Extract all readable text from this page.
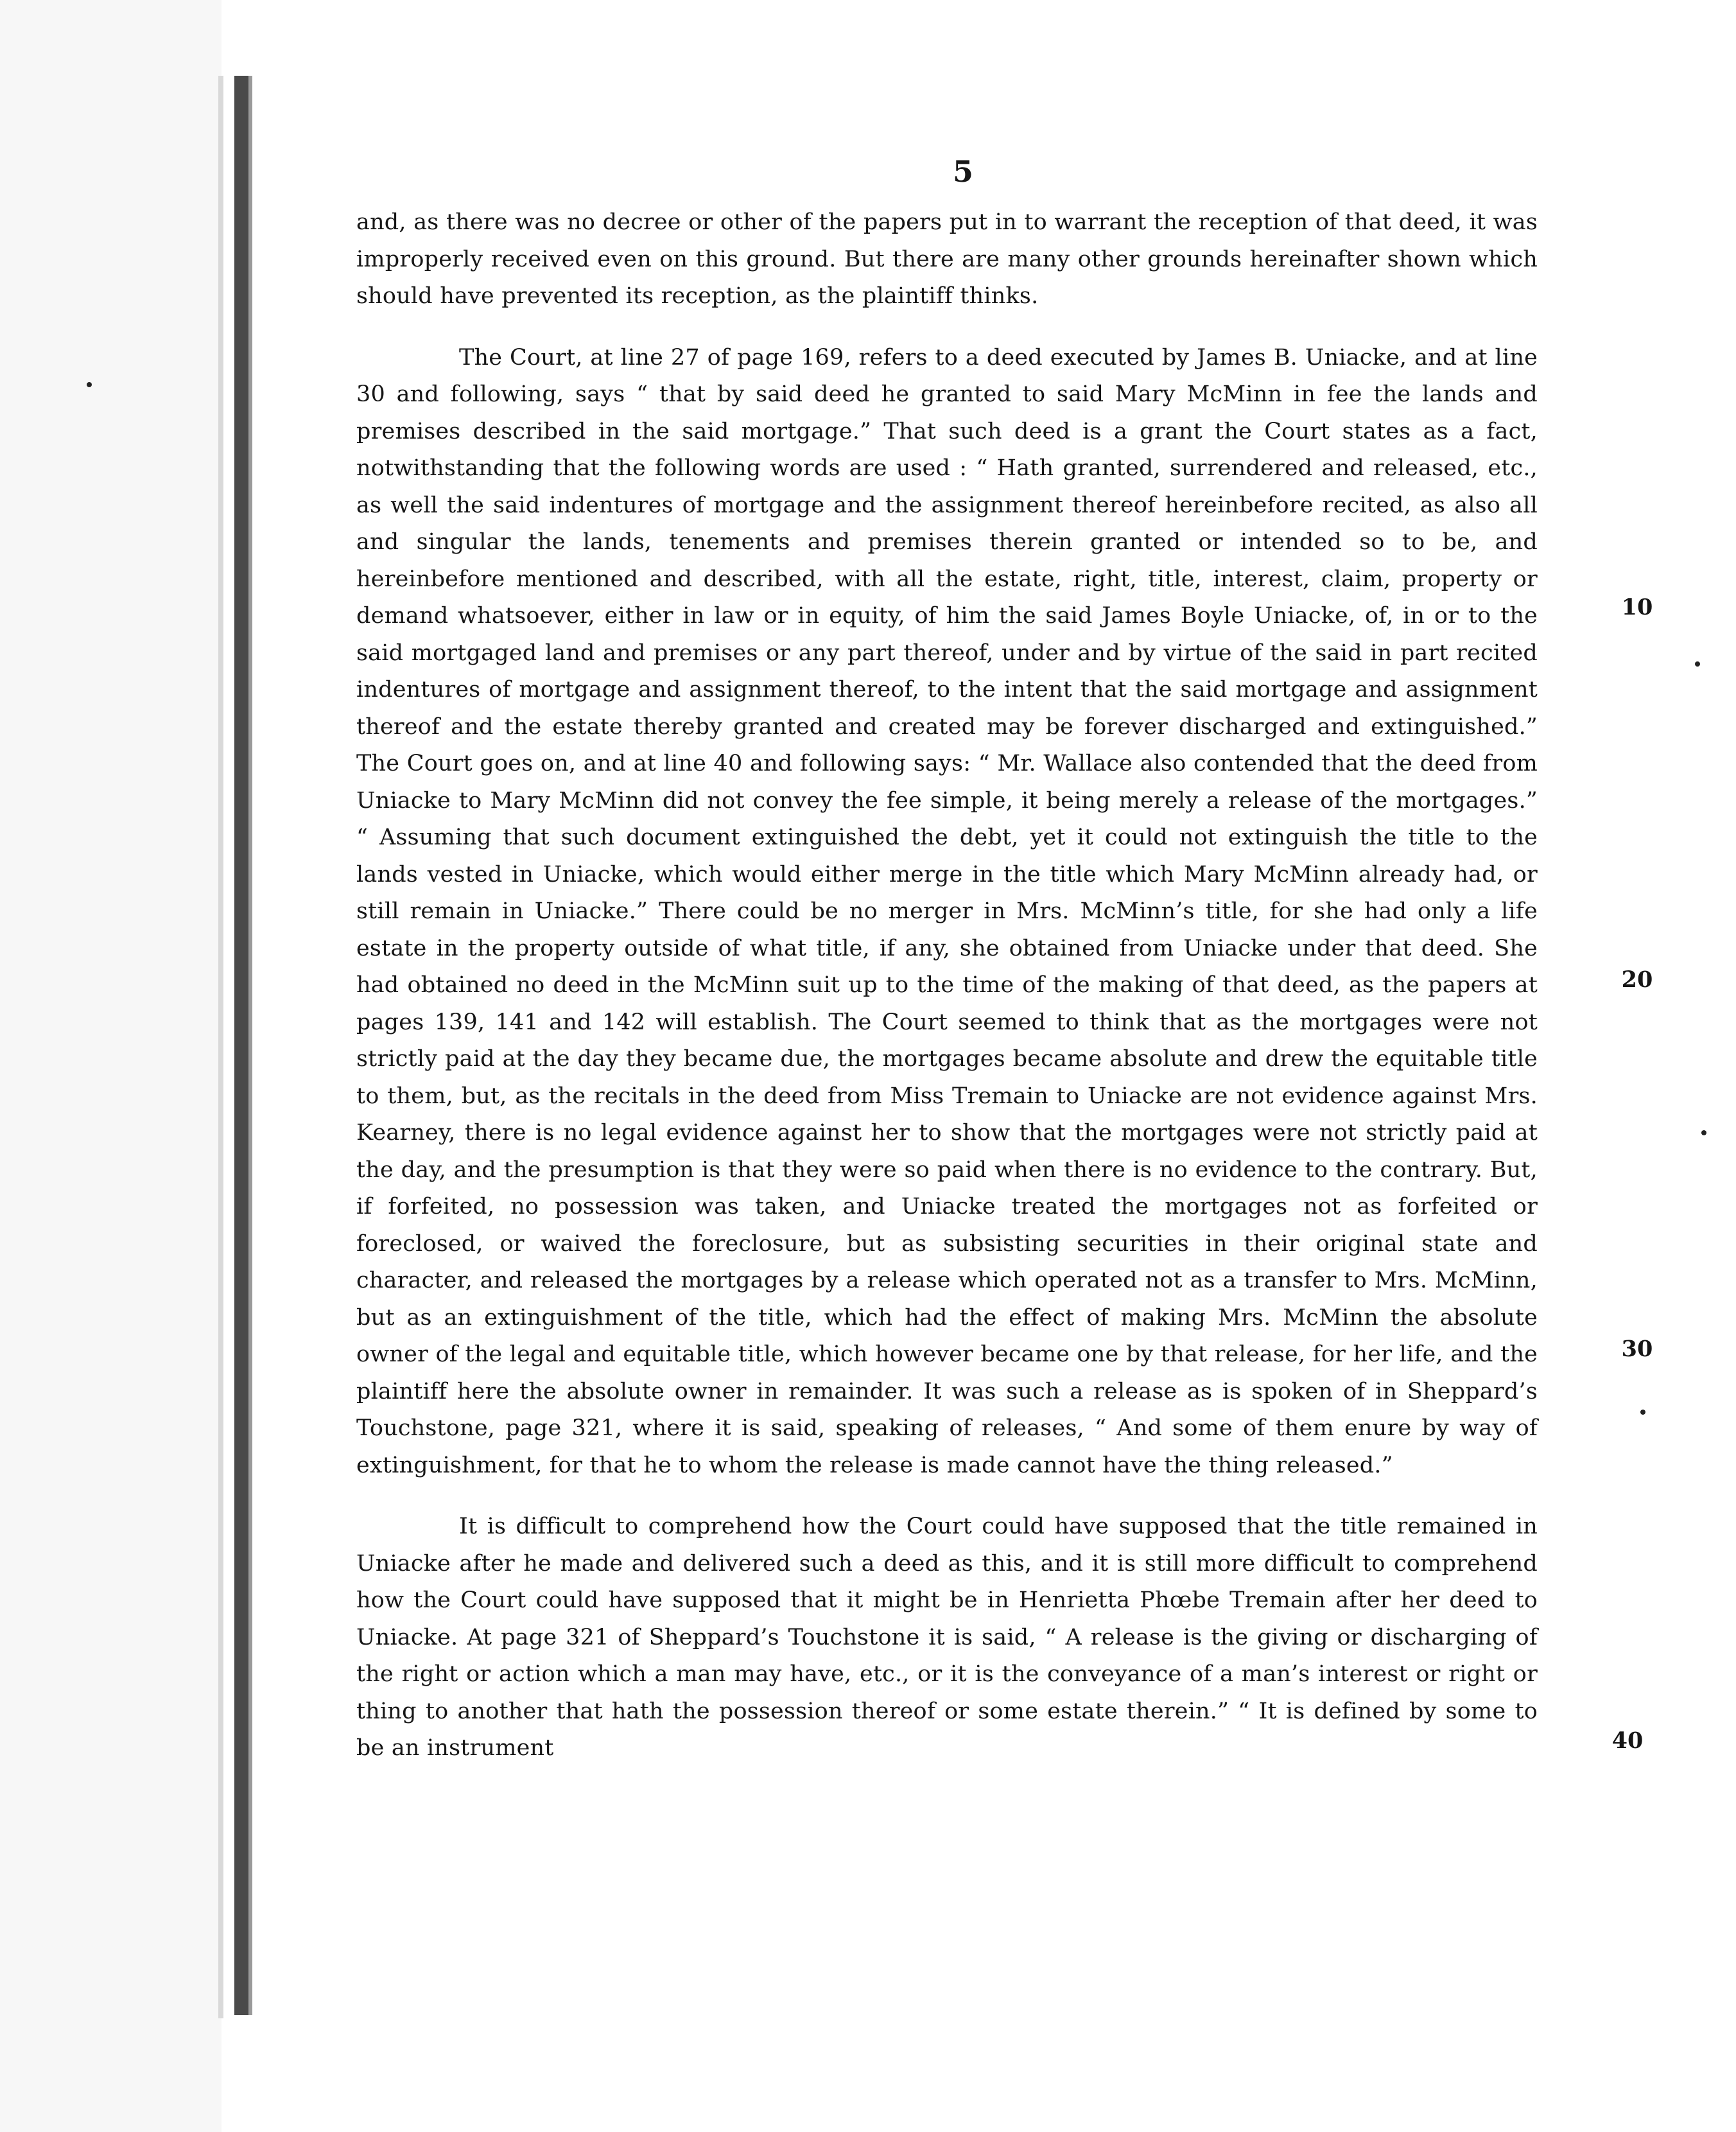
5

and, as there was no decree or other of the papers put in to warrant the reception of that deed, it was improperly received even on this ground. But there are many other grounds hereinafter shown which should have prevented its reception, as the plaintiff thinks.

The Court, at line 27 of page 169, refers to a deed executed by James B. Uniacke, and at line 30 and following, says “ that by said deed he granted to said Mary McMinn in fee the lands and premises described in the said mortgage.” That such deed is a grant the Court states as a fact, notwithstanding that the following words are used : “ Hath granted, surrendered and released, etc., as well the said indentures of mortgage and the assignment thereof hereinbefore recited, as also all and singular the lands, tenements and premises therein granted or intended so to be, and hereinbefore mentioned and described, with all the estate, right, title, interest, claim, property or demand whatsoever, either in law or in equity, of him the said James Boyle Uniacke, of, in or to the said mortgaged land and premises or any part thereof, under and by virtue of the said in part recited indentures of mortgage and assignment thereof, to the intent that the said mortgage and assignment thereof and the estate thereby granted and created may be forever discharged and extinguished.” The Court goes on, and at line 40 and following says: “ Mr. Wallace also contended that the deed from Uniacke to Mary McMinn did not convey the fee simple, it being merely a release of the mortgages.” “ Assuming that such document extinguished the debt, yet it could not extinguish the title to the lands vested in Uniacke, which would either merge in the title which Mary McMinn already had, or still remain in Uniacke.” There could be no merger in Mrs. McMinn’s title, for she had only a life estate in the property outside of what title, if any, she obtained from Uniacke under that deed. She had obtained no deed in the McMinn suit up to the time of the making of that deed, as the papers at pages 139, 141 and 142 will establish. The Court seemed to think that as the mortgages were not strictly paid at the day they became due, the mortgages became absolute and drew the equitable title to them, but, as the recitals in the deed from Miss Tremain to Uniacke are not evidence against Mrs. Kearney, there is no legal evidence against her to show that the mortgages were not strictly paid at the day, and the presumption is that they were so paid when there is no evidence to the contrary. But, if forfeited, no possession was taken, and Uniacke treated the mortgages not as forfeited or foreclosed, or waived the foreclosure, but as subsisting securities in their original state and character, and released the mortgages by a release which operated not as a transfer to Mrs. McMinn, but as an extinguishment of the title, which had the effect of making Mrs. McMinn the absolute owner of the legal and equitable title, which however became one by that release, for her life, and the plaintiff here the absolute owner in remainder. It was such a release as is spoken of in Sheppard’s Touchstone, page 321, where it is said, speaking of releases, “ And some of them enure by way of extinguishment, for that he to whom the release is made cannot have the thing released.”

It is difficult to comprehend how the Court could have supposed that the title remained in Uniacke after he made and delivered such a deed as this, and it is still more difficult to comprehend how the Court could have supposed that it might be in Henrietta Phœbe Tremain after her deed to Uniacke. At page 321 of Sheppard’s Touchstone it is said, “ A release is the giving or discharging of the right or action which a man may have, etc., or it is the conveyance of a man’s interest or right or thing to another that hath the possession thereof or some estate therein.” “ It is defined by some to be an instrument

10
20
30
40
